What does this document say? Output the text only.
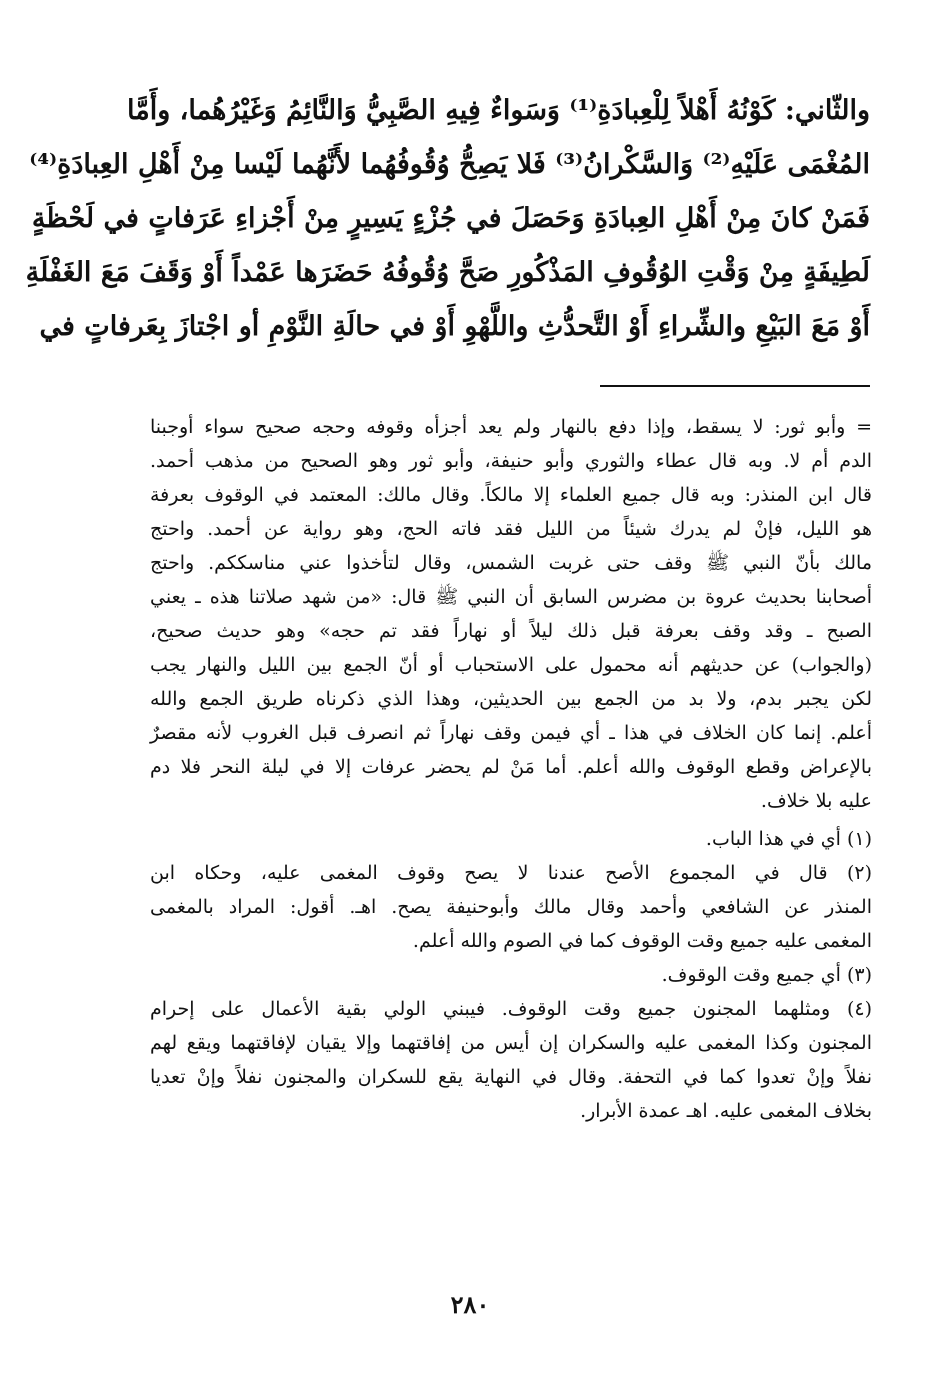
والثّاني: كَوْنُهُ أَهْلاً لِلْعِبادَةِ⁽¹⁾ وَسَواءٌ فِيهِ الصَّبِيُّ وَالنَّائِمُ وَغَيْرُهُما، وأَمَّا
المُغْمَى عَلَيْهِ⁽²⁾ وَالسَّكْرانُ⁽³⁾ فَلا يَصِحُّ وُقُوفُهُما لأَنَّهُما لَيْسا مِنْ أَهْلِ العِبادَةِ⁽⁴⁾
فَمَنْ كانَ مِنْ أَهْلِ العِبادَةِ وَحَصَلَ في جُزْءٍ يَسِيرٍ مِنْ أَجْزاءِ عَرَفاتٍ في لَحْظَةٍ
لَطِيفَةٍ مِنْ وَقْتِ الوُقُوفِ المَذْكُورِ صَحَّ وُقُوفُهُ حَضَرَها عَمْداً أَوْ وَقَفَ مَعَ الغَفْلَةِ
أَوْ مَعَ البَيْعِ والشِّراءِ أَوْ التَّحدُّثِ واللَّهْوِ أَوْ في حالَةِ النَّوْمِ أو اجْتازَ بِعَرفاتٍ في
= وأبو ثور: لا يسقط، وإذا دفع بالنهار ولم يعد أجزأه وقوفه وحجه صحيح سواء أوجبنا
الدم أم لا. وبه قال عطاء والثوري وأبو حنيفة، وأبو ثور وهو الصحيح من مذهب أحمد.
قال ابن المنذر: وبه قال جميع العلماء إلا مالكاً. وقال مالك: المعتمد في الوقوف بعرفة
هو الليل، فإنْ لم يدرك شيئاً من الليل فقد فاته الحج، وهو رواية عن أحمد. واحتج
مالك بأنّ النبي ﷺ وقف حتى غربت الشمس، وقال لتأخذوا عني مناسككم. واحتج
أصحابنا بحديث عروة بن مضرس السابق أن النبي ﷺ قال: «من شهد صلاتنا هذه ـ يعني
الصبح ـ وقد وقف بعرفة قبل ذلك ليلاً أو نهاراً فقد تم حجه» وهو حديث صحيح،
(والجواب) عن حديثهم أنه محمول على الاستحباب أو أنّ الجمع بين الليل والنهار يجب
لكن يجبر بدم، ولا بد من الجمع بين الحديثين، وهذا الذي ذكرناه طريق الجمع والله
أعلم. إنما كان الخلاف في هذا ـ أي فيمن وقف نهاراً ثم انصرف قبل الغروب لأنه مقصرٌ
بالإعراض وقطع الوقوف والله أعلم. أما مَنْ لم يحضر عرفات إلا في ليلة النحر فلا دم
عليه بلا خلاف.
(١) أي في هذا الباب.
(٢) قال في المجموع الأصح عندنا لا يصح وقوف المغمى عليه، وحكاه ابن
المنذر عن الشافعي وأحمد وقال مالك وأبوحنيفة يصح. اهـ. أقول: المراد بالمغمى
المغمى عليه جميع وقت الوقوف كما في الصوم والله أعلم.
(٣) أي جميع وقت الوقوف.
(٤) ومثلهما المجنون جميع وقت الوقوف. فيبني الولي بقية الأعمال على إحرام
المجنون وكذا المغمى عليه والسكران إن أيس من إفاقتهما وإلا يقيان لإفاقتهما ويقع لهم
نفلاً وإنْ تعدوا كما في التحفة. وقال في النهاية يقع للسكران والمجنون نفلاً وإنْ تعديا
بخلاف المغمى عليه. اهـ عمدة الأبرار.
٢٨٠
